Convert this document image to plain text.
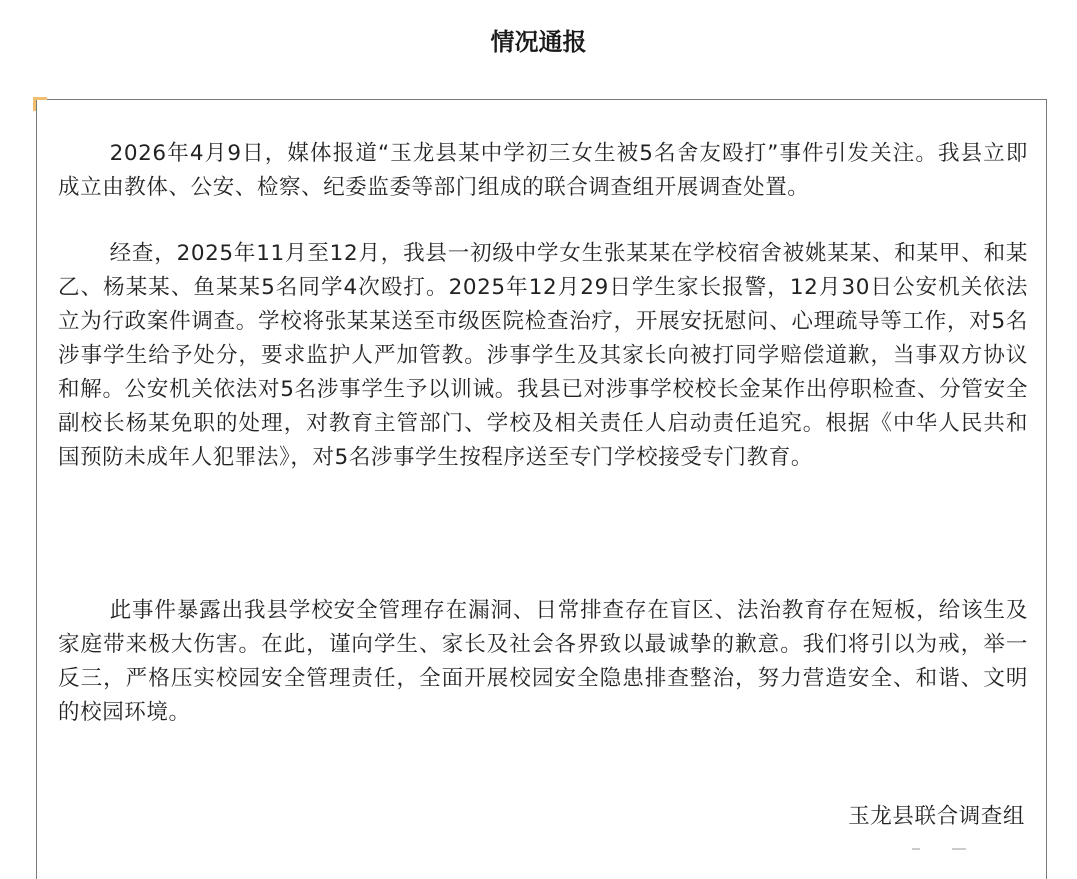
情况通报

2026年4月9日，媒体报道“玉龙县某中学初三女生被5名舍友殴打”事件引发关注。我县立即成立由教体、公安、检察、纪委监委等部门组成的联合调查组开展调查处置。

经查，2025年11月至12月，我县一初级中学女生张某某在学校宿舍被姚某某、和某甲、和某乙、杨某某、鱼某某5名同学4次殴打。2025年12月29日学生家长报警，12月30日公安机关依法立为行政案件调查。学校将张某某送至市级医院检查治疗，开展安抚慰问、心理疏导等工作，对5名涉事学生给予处分，要求监护人严加管教。涉事学生及其家长向被打同学赔偿道歉，当事双方协议和解。公安机关依法对5名涉事学生予以训诫。我县已对涉事学校校长金某作出停职检查、分管安全副校长杨某免职的处理，对教育主管部门、学校及相关责任人启动责任追究。根据《中华人民共和国预防未成年人犯罪法》，对5名涉事学生按程序送至专门学校接受专门教育。

此事件暴露出我县学校安全管理存在漏洞、日常排查存在盲区、法治教育存在短板，给该生及家庭带来极大伤害。在此，谨向学生、家长及社会各界致以最诚挚的歉意。我们将引以为戒，举一反三，严格压实校园安全管理责任，全面开展校园安全隐患排查整治，努力营造安全、和谐、文明的校园环境。

玉龙县联合调查组
